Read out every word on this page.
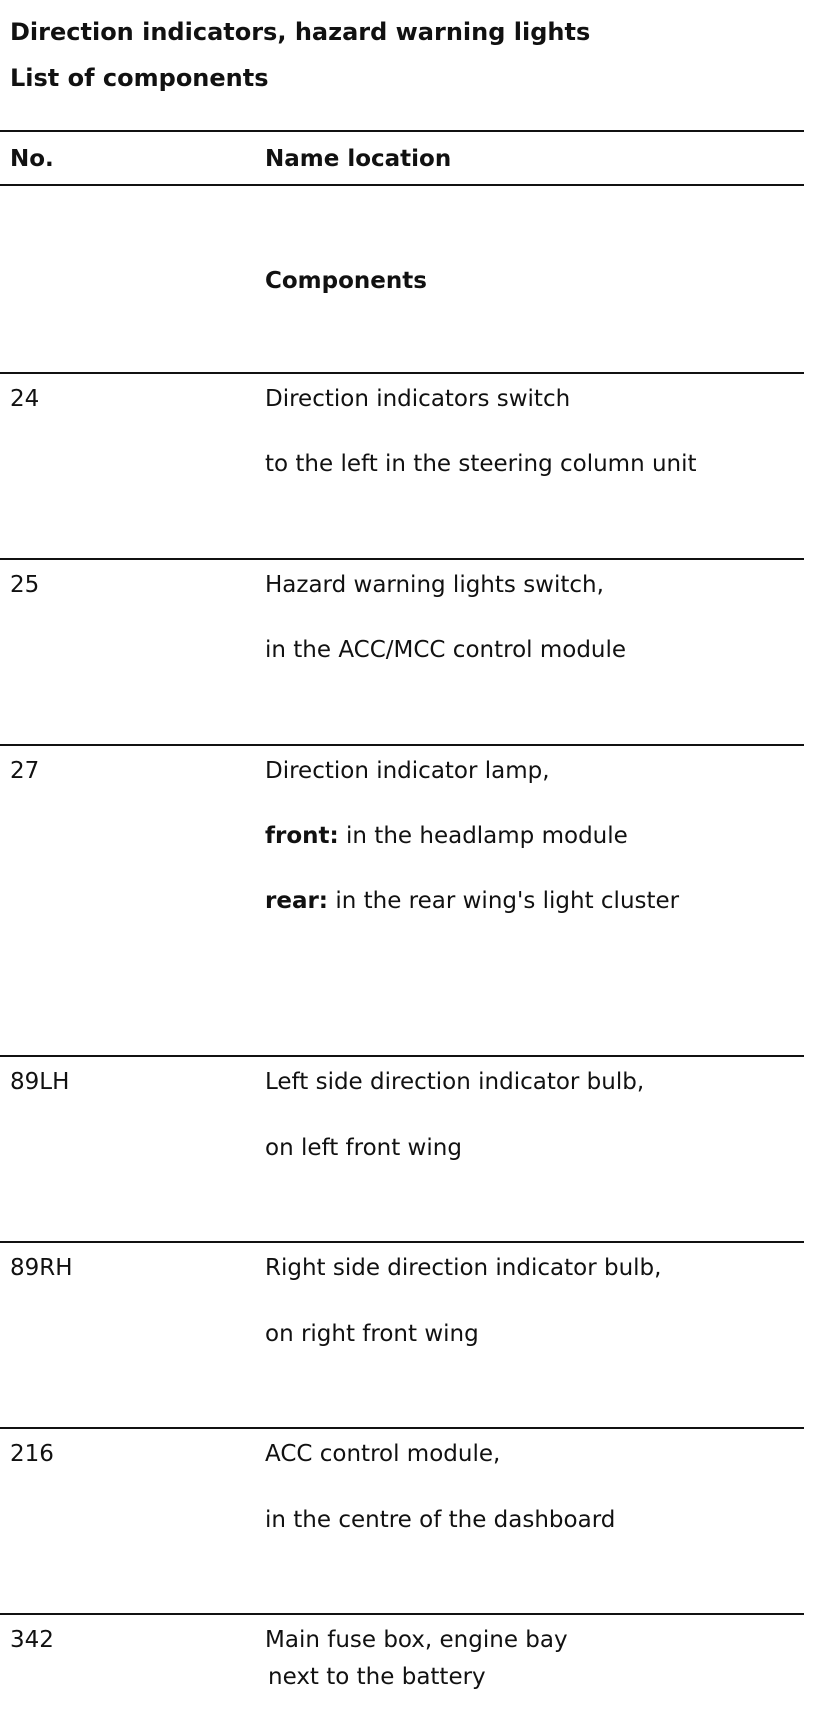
Direction indicators, hazard warning lights
List of components
No.	Name location
Components
24	Direction indicators switch
to the left in the steering column unit
25	Hazard warning lights switch,
in the ACC/MCC control module
27	Direction indicator lamp,
front: in the headlamp module
rear: in the rear wing's light cluster
89LH	Left side direction indicator bulb,
on left front wing
89RH	Right side direction indicator bulb,
on right front wing
216	ACC control module,
in the centre of the dashboard
342	Main fuse box, engine bay
next to the battery
